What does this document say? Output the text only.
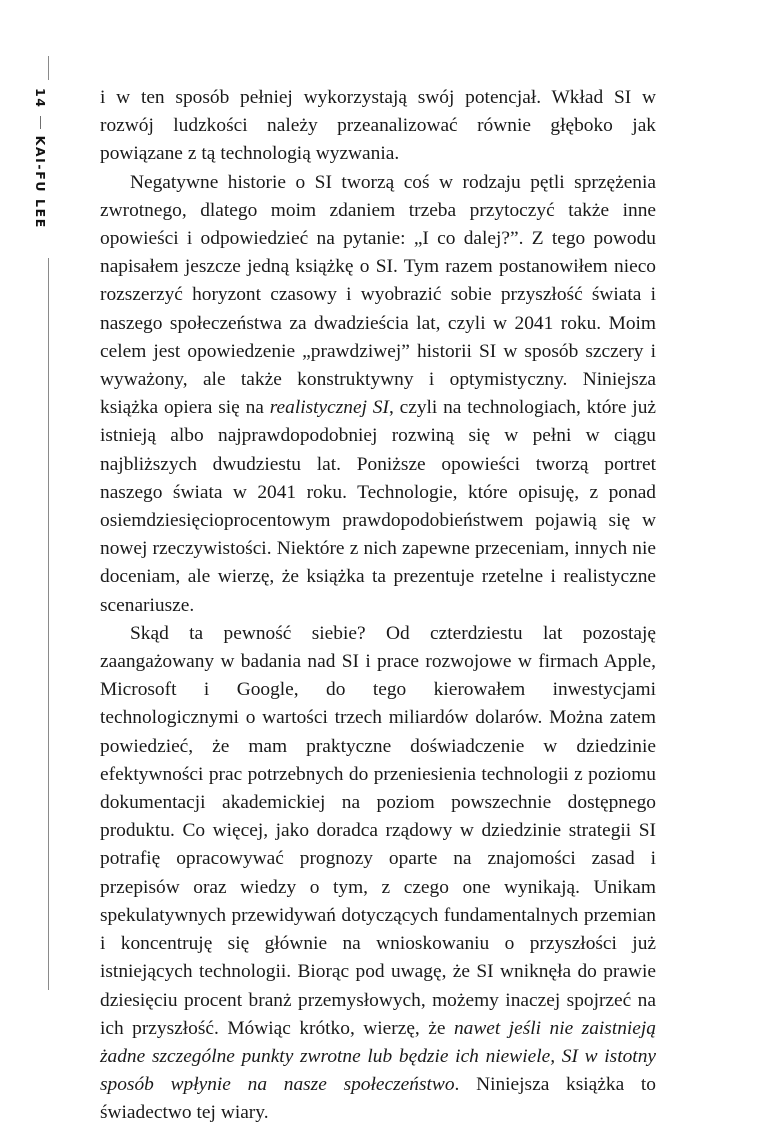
14
KAI-FU LEE

i w ten sposób pełniej wykorzystają swój potencjał. Wkład SI w rozwój ludzkości należy przeanalizować równie głęboko jak powiązane z tą technologią wyzwania.

Negatywne historie o SI tworzą coś w rodzaju pętli sprzężenia zwrotnego, dlatego moim zdaniem trzeba przytoczyć także inne opowieści i odpowiedzieć na pytanie: „I co dalej?”. Z tego powodu napisałem jeszcze jedną książkę o SI. Tym razem postanowiłem nieco rozszerzyć horyzont czasowy i wyobrazić sobie przyszłość świata i naszego społeczeństwa za dwadzieścia lat, czyli w 2041 roku. Moim celem jest opowiedzenie „prawdziwej” historii SI w sposób szczery i wyważony, ale także konstruktywny i optymistyczny. Niniejsza książka opiera się na realistycznej SI, czyli na technologiach, które już istnieją albo najprawdopodobniej rozwiną się w pełni w ciągu najbliższych dwudziestu lat. Poniższe opowieści tworzą portret naszego świata w 2041 roku. Technologie, które opisuję, z ponad osiemdziesięcioprocentowym prawdopodobieństwem pojawią się w nowej rzeczywistości. Niektóre z nich zapewne przeceniam, innych nie doceniam, ale wierzę, że książka ta prezentuje rzetelne i realistyczne scenariusze.

Skąd ta pewność siebie? Od czterdziestu lat pozostaję zaangażowany w badania nad SI i prace rozwojowe w firmach Apple, Microsoft i Google, do tego kierowałem inwestycjami technologicznymi o wartości trzech miliardów dolarów. Można zatem powiedzieć, że mam praktyczne doświadczenie w dziedzinie efektywności prac potrzebnych do przeniesienia technologii z poziomu dokumentacji akademickiej na poziom powszechnie dostępnego produktu. Co więcej, jako doradca rządowy w dziedzinie strategii SI potrafię opracowywać prognozy oparte na znajomości zasad i przepisów oraz wiedzy o tym, z czego one wynikają. Unikam spekulatywnych przewidywań dotyczących fundamentalnych przemian i koncentruję się głównie na wnioskowaniu o przyszłości już istniejących technologii. Biorąc pod uwagę, że SI wniknęła do prawie dziesięciu procent branż przemysłowych, możemy inaczej spojrzeć na ich przyszłość. Mówiąc krótko, wierzę, że nawet jeśli nie zaistnieją żadne szczególne punkty zwrotne lub będzie ich niewiele, SI w istotny sposób wpłynie na nasze społeczeństwo. Niniejsza książka to świadectwo tej wiary.
